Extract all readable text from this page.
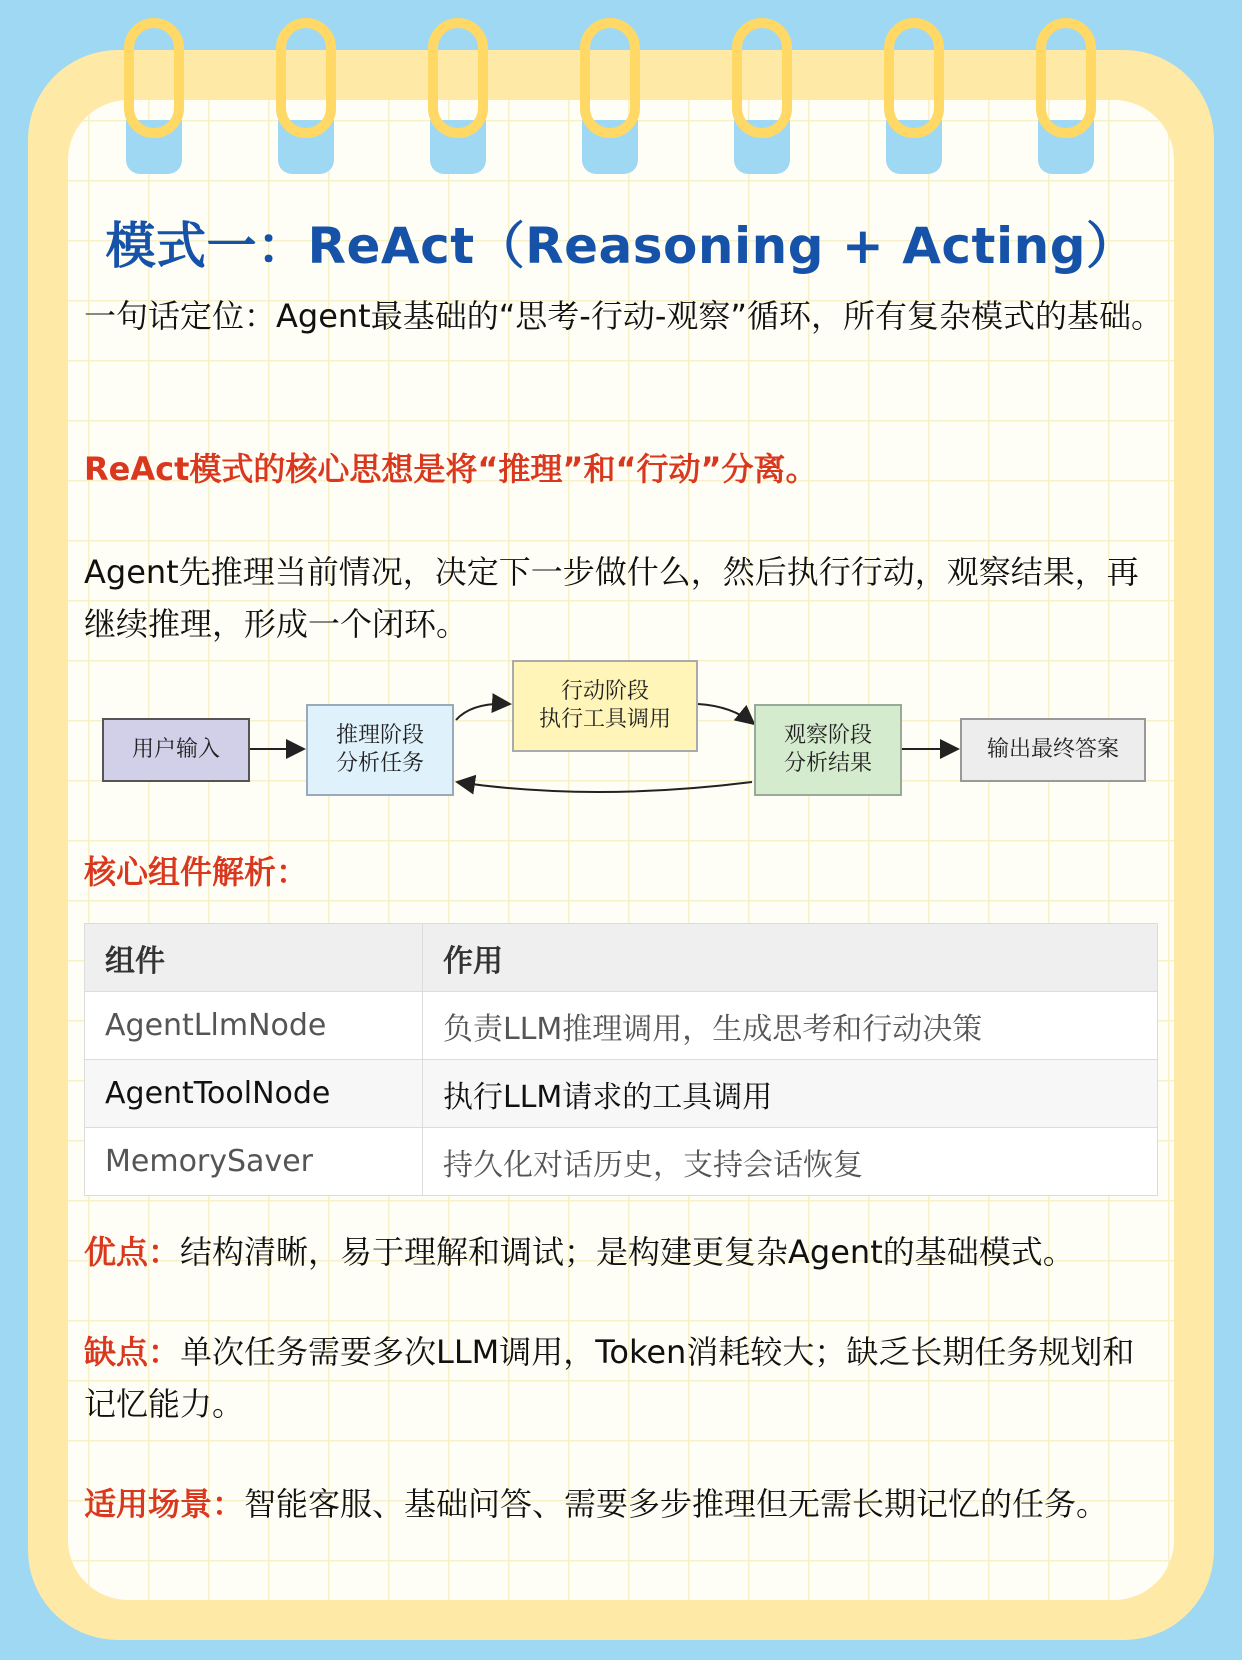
模式一：ReAct（Reasoning + Acting）
一句话定位：Agent最基础的“思考-行动-观察”循环，所有复杂模式的基础。
ReAct模式的核心思想是将“推理”和“行动”分离。
Agent先推理当前情况，决定下一步做什么，然后执行行动，观察结果，再继续推理，形成一个闭环。
用户输入
推理阶段
分析任务
行动阶段
执行工具调用
观察阶段
分析结果
输出最终答案
核心组件解析：
组件	作用
AgentLlmNode	负责LLM推理调用，生成思考和行动决策
AgentToolNode	执行LLM请求的工具调用
MemorySaver	持久化对话历史，支持会话恢复
优点：结构清晰，易于理解和调试；是构建更复杂Agent的基础模式。
缺点：单次任务需要多次LLM调用，Token消耗较大；缺乏长期任务规划和记忆能力。
适用场景：智能客服、基础问答、需要多步推理但无需长期记忆的任务。
